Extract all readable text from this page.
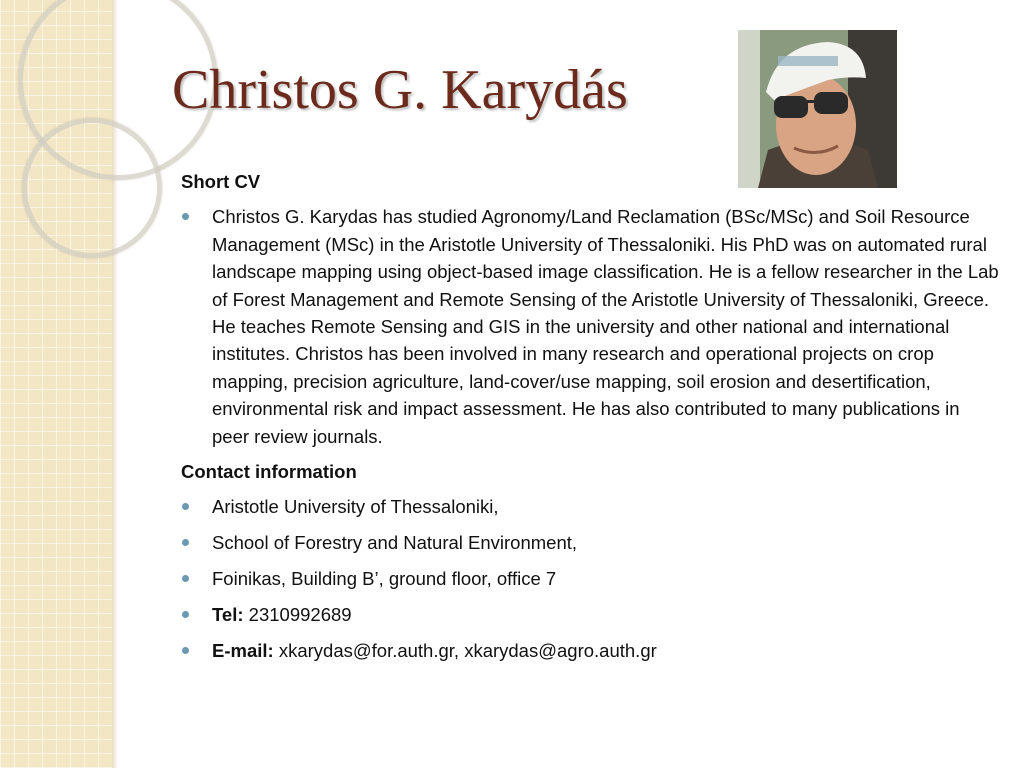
Christos G. Karydás

Short CV

Christos G. Karydas has studied Agronomy/Land Reclamation (BSc/MSc) and Soil Resource Management (MSc) in the Aristotle University of Thessaloniki. His PhD was on automated rural landscape mapping using object-based image classification. He is a fellow researcher in the Lab of Forest Management and Remote Sensing of the Aristotle University of Thessaloniki, Greece. He teaches Remote Sensing and GIS in the university and other national and international institutes. Christos has been involved in many research and operational projects on crop mapping, precision agriculture, land-cover/use mapping, soil erosion and desertification, environmental risk and impact assessment. He has also contributed to many publications in peer review journals.

Contact information

Aristotle University of Thessaloniki,
School of Forestry and Natural Environment,
Foinikas, Building B’, ground floor, office 7
Tel: 2310992689
E-mail: xkarydas@for.auth.gr, xkarydas@agro.auth.gr
